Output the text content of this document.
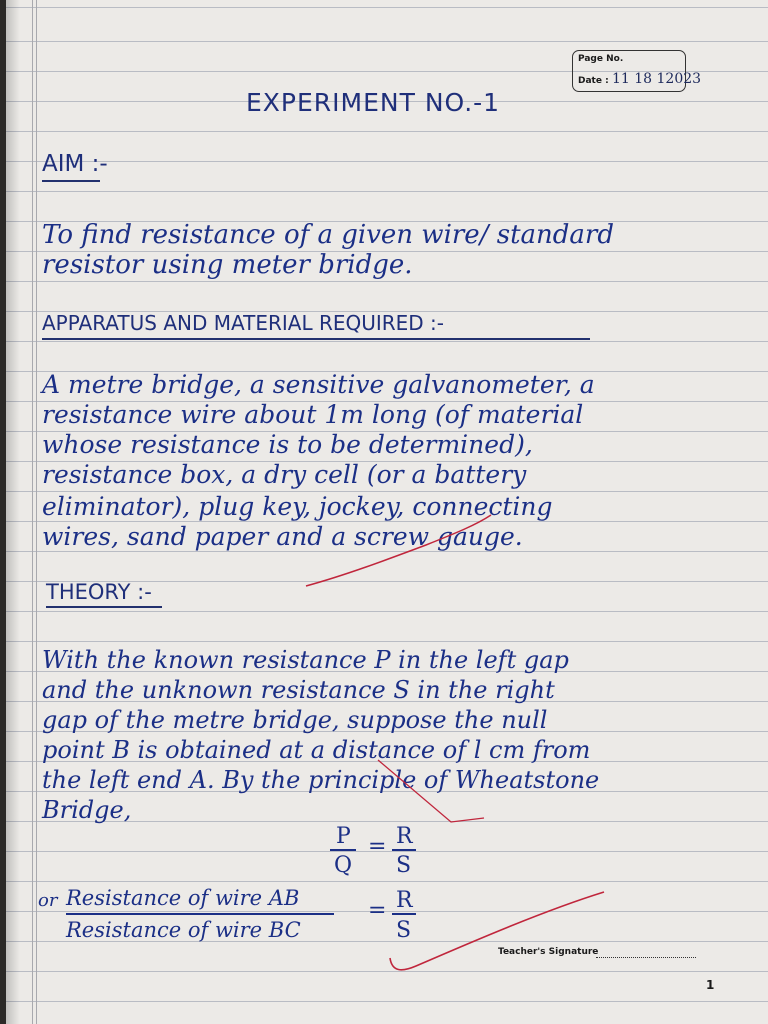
Page No.

Date : 11 18 12023

EXPERIMENT NO.-1

AIM :-

To find resistance of a given wire/ standard

resistor using meter bridge.

APPARATUS AND MATERIAL REQUIRED :-

A metre bridge, a sensitive galvanometer, a

resistance wire about 1m long (of material

whose resistance is to be determined),

resistance box, a dry cell (or a battery

eliminator), plug key, jockey, connecting

wires, sand paper and a screw gauge.

THEORY :-

With the known resistance P in the left gap

and the unknown resistance S in the right

gap of the metre bridge, suppose the null

point B is obtained at a distance of l cm from

the left end A. By the principle of Wheatstone

Bridge,

P

Q

= R

S

or Resistance of wire AB

Resistance of wire BC

= R

S

Teacher's Signature

1
